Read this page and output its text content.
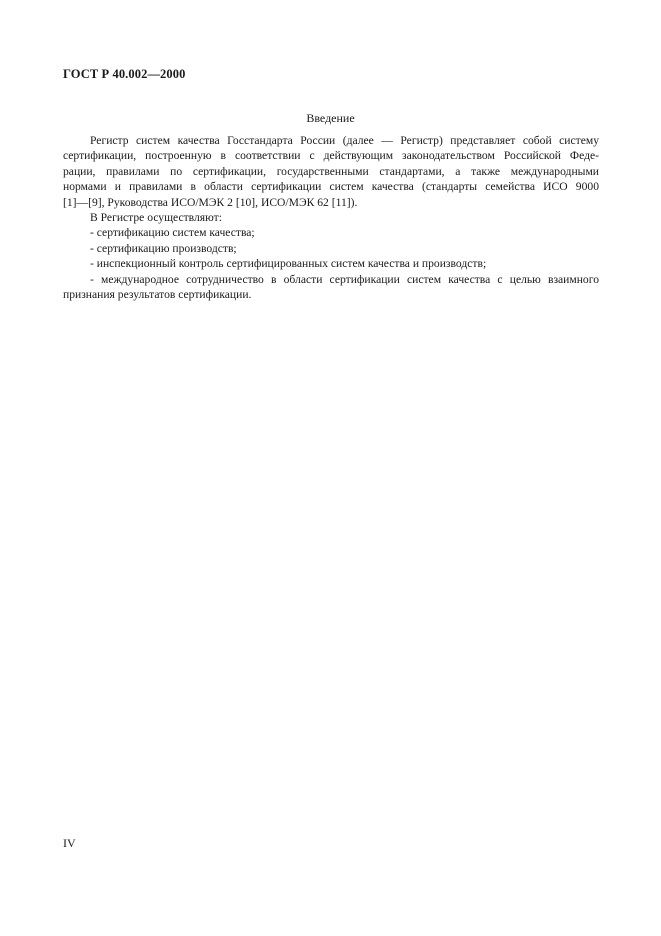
ГОСТ Р 40.002—2000
Введение
Регистр систем качества Госстандарта России (далее — Регистр) представляет собой систему
сертификации, построенную в соответствии с действующим законодательством Российской Феде-
рации, правилами по сертификации, государственными стандартами, а также международными
нормами и правилами в области сертификации систем качества (стандарты семейства ИСО 9000
[1]—[9], Руководства ИСО/МЭК 2 [10], ИСО/МЭК 62 [11]).
В Регистре осуществляют:
- сертификацию систем качества;
- сертификацию производств;
- инспекционный контроль сертифицированных систем качества и производств;
- международное сотрудничество в области сертификации систем качества с целью взаимного
признания результатов сертификации.
IV
